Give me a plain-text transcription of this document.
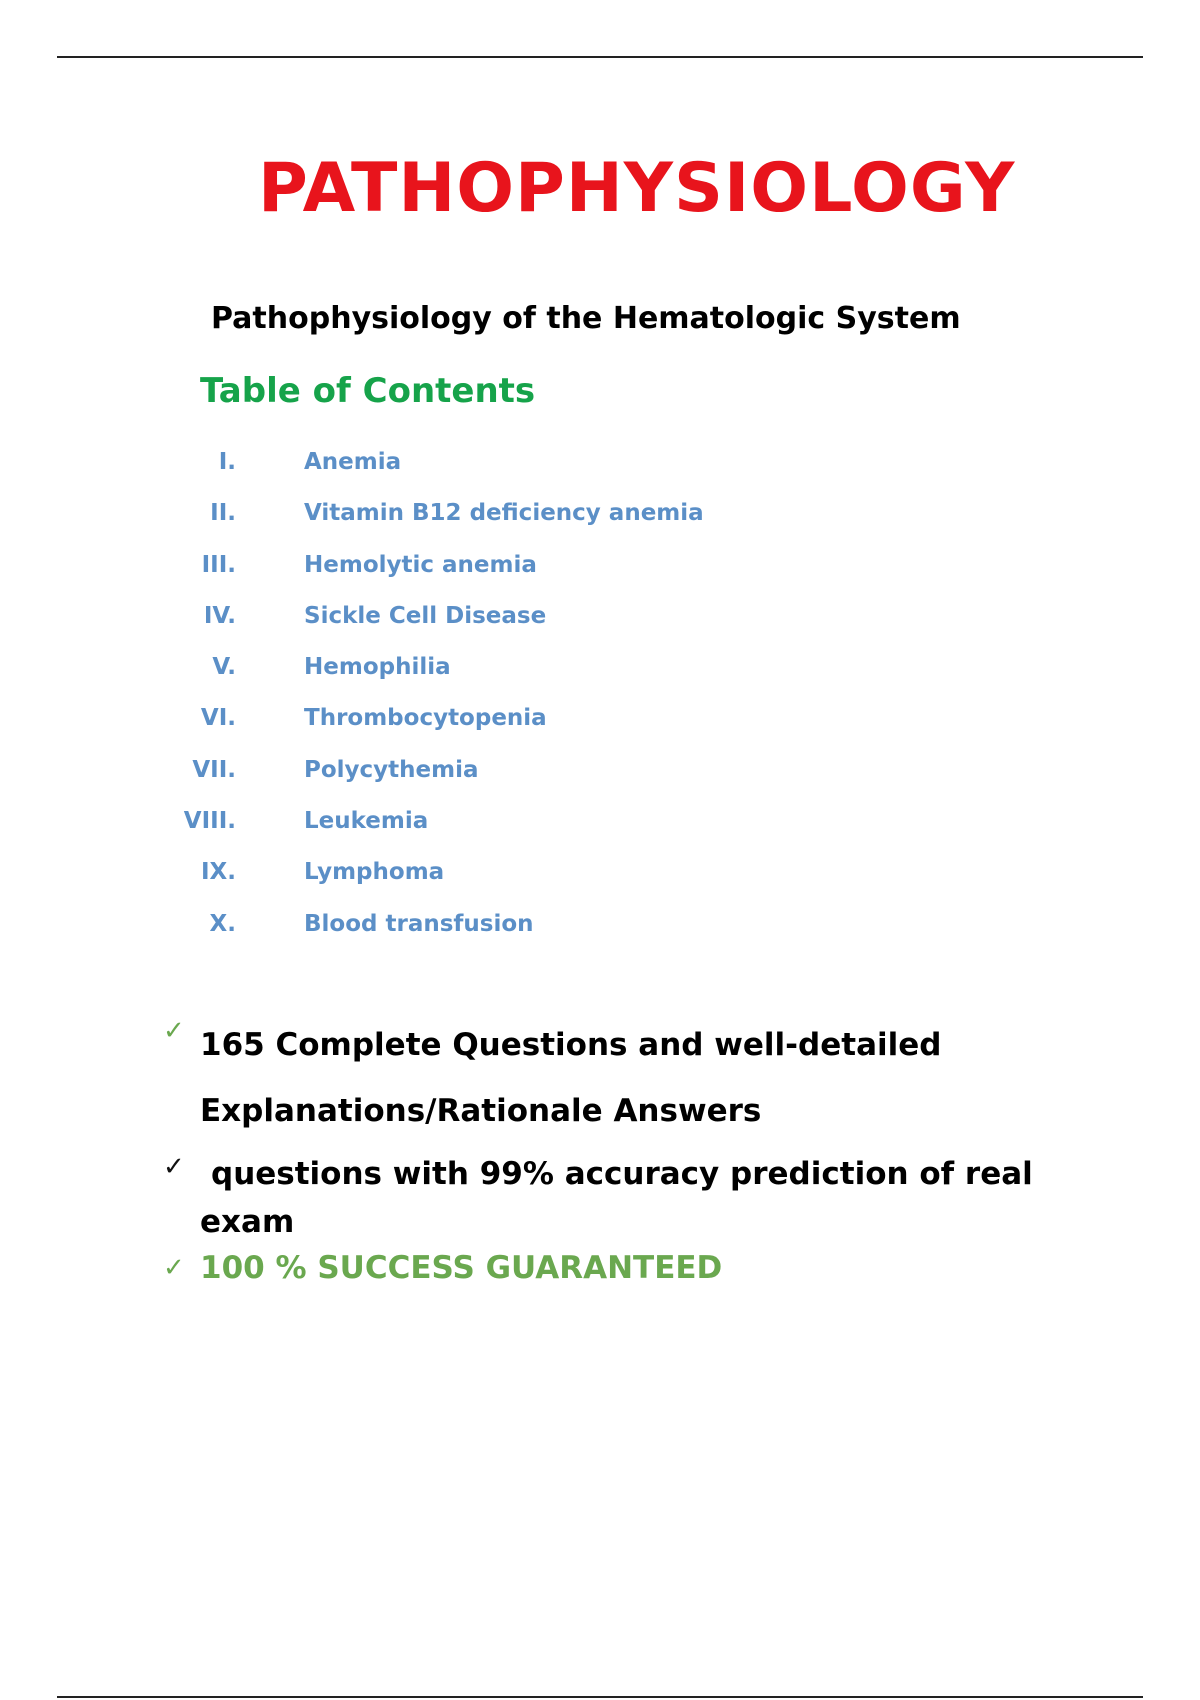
PATHOPHYSIOLOGY
Pathophysiology of the Hematologic System
Table of Contents
I.	Anemia
II.	Vitamin B12 deficiency anemia
III.	Hemolytic anemia
IV.	Sickle Cell Disease
V.	Hemophilia
VI.	Thrombocytopenia
VII.	Polycythemia
VIII.	Leukemia
IX.	Lymphoma
X.	Blood transfusion
✓ 165 Complete Questions and well-detailed
Explanations/Rationale Answers
✓ questions with 99% accuracy prediction of real
exam
✓ 100 % SUCCESS GUARANTEED
